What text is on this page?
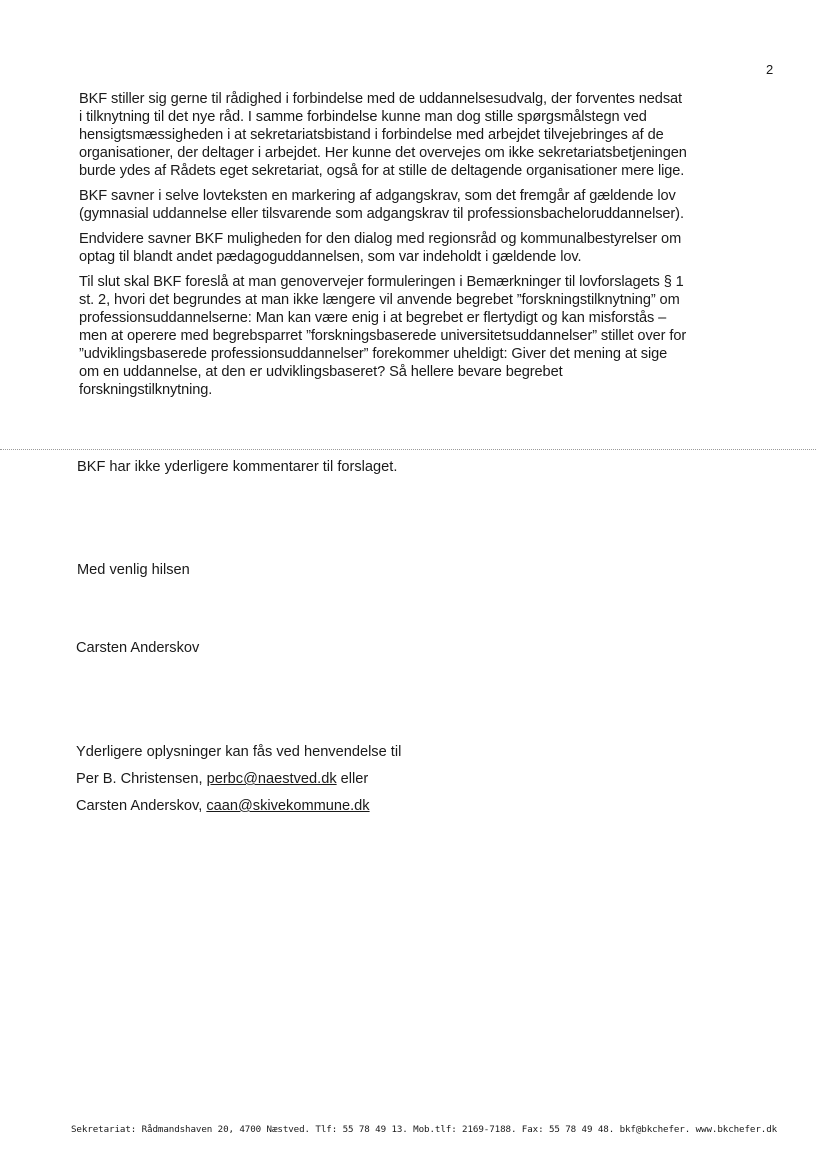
2

BKF stiller sig gerne til rådighed i forbindelse med de uddannelsesudvalg, der forventes nedsat i tilknytning til det nye råd. I samme forbindelse kunne man dog stille spørgsmålstegn ved hensigtsmæssigheden i at sekretariatsbistand i forbindelse med arbejdet tilvejebringes af de organisationer, der deltager i arbejdet. Her kunne det overvejes om ikke sekretariatsbetjeningen burde ydes af Rådets eget sekretariat, også for at stille de deltagende organisationer mere lige.

BKF savner i selve lovteksten en markering af adgangskrav, som det fremgår af gældende lov (gymnasial uddannelse eller tilsvarende som adgangskrav til professionsbacheloruddannelser).

Endvidere savner BKF muligheden for den dialog med regionsråd og kommunalbestyrelser om optag til blandt andet pædagoguddannelsen, som var indeholdt i gældende lov.

Til slut skal BKF foreslå at man genovervejer formuleringen i Bemærkninger til lovforslagets § 1 st. 2, hvori det begrundes at man ikke længere vil anvende begrebet ”forskningstilknytning” om professionsuddannelserne: Man kan være enig i at begrebet er flertydigt og kan misforstås – men at operere med begrebsparret ”forskningsbaserede universitetsuddannelser” stillet over for ”udviklingsbaserede professionsuddannelser” forekommer uheldigt: Giver det mening at sige om en uddannelse, at den er udviklingsbaseret? Så hellere bevare begrebet forskningstilknytning.

BKF har ikke yderligere kommentarer til forslaget.
Med venlig hilsen
Carsten Anderskov
Yderligere oplysninger kan fås ved henvendelse til
Per B. Christensen, perbc@naestved.dk eller
Carsten Anderskov, caan@skivekommune.dk
Sekretariat: Rådmandshaven 20, 4700 Næstved. Tlf: 55 78 49 13. Mob.tlf: 2169-7188. Fax: 55 78 49 48. bkf@bkchefer. www.bkchefer.dk
